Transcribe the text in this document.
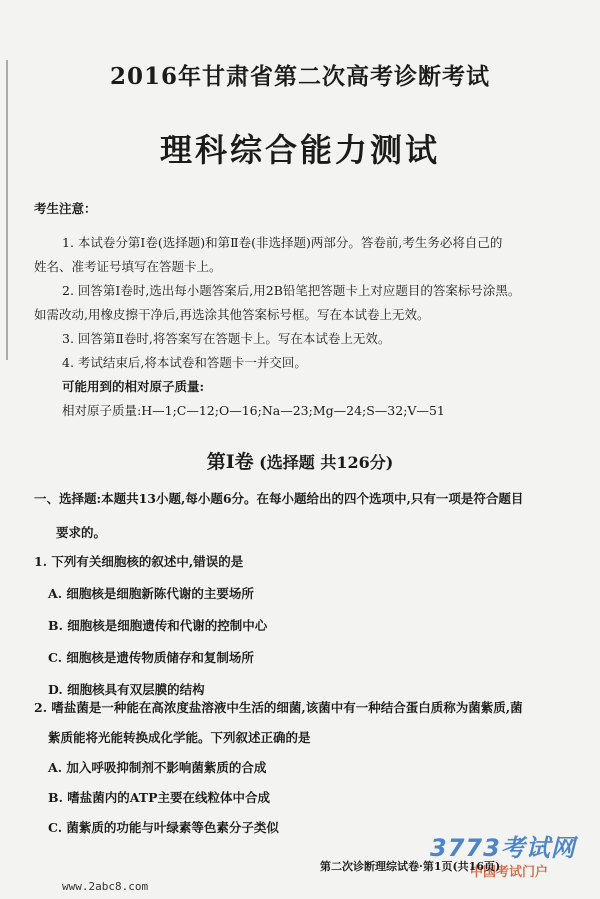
2016年甘肃省第二次高考诊断考试
理科综合能力测试
考生注意：

1. 本试卷分第Ⅰ卷(选择题)和第Ⅱ卷(非选择题)两部分。答卷前,考生务必将自己的

姓名、准考证号填写在答题卡上。

2. 回答第Ⅰ卷时,选出每小题答案后,用2B铅笔把答题卡上对应题目的答案标号涂黑。

如需改动,用橡皮擦干净后,再选涂其他答案标号框。写在本试卷上无效。

3. 回答第Ⅱ卷时,将答案写在答题卡上。写在本试卷上无效。

4. 考试结束后,将本试卷和答题卡一并交回。

可能用到的相对原子质量:

相对原子质量:H—1;C—12;O—16;Na—23;Mg—24;S—32;V—51

第Ⅰ卷 (选择题 共126分)
一、选择题:本题共13小题,每小题6分。在每小题给出的四个选项中,只有一项是符合题目
要求的。
1. 下列有关细胞核的叙述中,错误的是
A. 细胞核是细胞新陈代谢的主要场所
B. 细胞核是细胞遗传和代谢的控制中心
C. 细胞核是遗传物质储存和复制场所
D. 细胞核具有双层膜的结构
2. 嗜盐菌是一种能在高浓度盐溶液中生活的细菌,该菌中有一种结合蛋白质称为菌紫质,菌
紫质能将光能转换成化学能。下列叙述正确的是
A. 加入呼吸抑制剂不影响菌紫质的合成
B. 嗜盐菌内的ATP主要在线粒体中合成
C. 菌紫质的功能与叶绿素等色素分子类似
3773考试网
中国考试门户
第二次诊断理综试卷·第1页(共16页)
www.2abc8.com
